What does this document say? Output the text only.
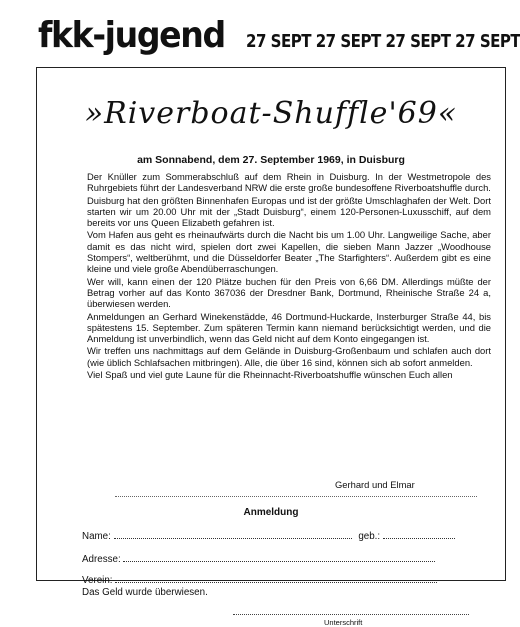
fkk-jugend 27 SEPT 27 SEPT 27 SEPT 27 SEPT
»Riverboat-Shuffle'69«
am Sonnabend, dem 27. September 1969, in Duisburg

Der Knüller zum Sommerabschluß auf dem Rhein in Duisburg. In der Westmetropole des Ruhrgebiets führt der Landesverband NRW die erste große bundesoffene Riverboatshuffle durch.

Duisburg hat den größten Binnenhafen Europas und ist der größte Umschlaghafen der Welt. Dort starten wir um 20.00 Uhr mit der „Stadt Duisburg“, einem 120-Personen-Luxusschiff, auf dem bereits vor uns Queen Elizabeth gefahren ist.

Vom Hafen aus geht es rheinaufwärts durch die Nacht bis um 1.00 Uhr. Langweilige Sache, aber damit es das nicht wird, spielen dort zwei Kapellen, die sieben Mann Jazzer „Woodhouse Stompers“, weltberühmt, und die Düsseldorfer Beater „The Starfighters“. Außerdem gibt es eine kleine und viele große Abendüberraschungen.

Wer will, kann einen der 120 Plätze buchen für den Preis von 6,66 DM. Allerdings müßte der Betrag vorher auf das Konto 367036 der Dresdner Bank, Dortmund, Rheinische Straße 24 a, überwiesen werden.

Anmeldungen an Gerhard Winekenstädde, 46 Dortmund-Huckarde, Insterburger Straße 44, bis spätestens 15. September. Zum späteren Termin kann niemand berücksichtigt werden, und die Anmeldung ist unverbindlich, wenn das Geld nicht auf dem Konto eingegangen ist.

Wir treffen uns nachmittags auf dem Gelände in Duisburg-Großenbaum und schlafen auch dort (wie üblich Schlafsachen mitbringen). Alle, die über 16 sind, können sich ab sofort anmelden.

Viel Spaß und viel gute Laune für die Rheinnacht-Riverboatshuffle wünschen Euch allen

Gerhard und Elmar
Anmeldung
Name:	geb.:
Adresse:
Verein:
Das Geld wurde überwiesen.
Unterschrift
